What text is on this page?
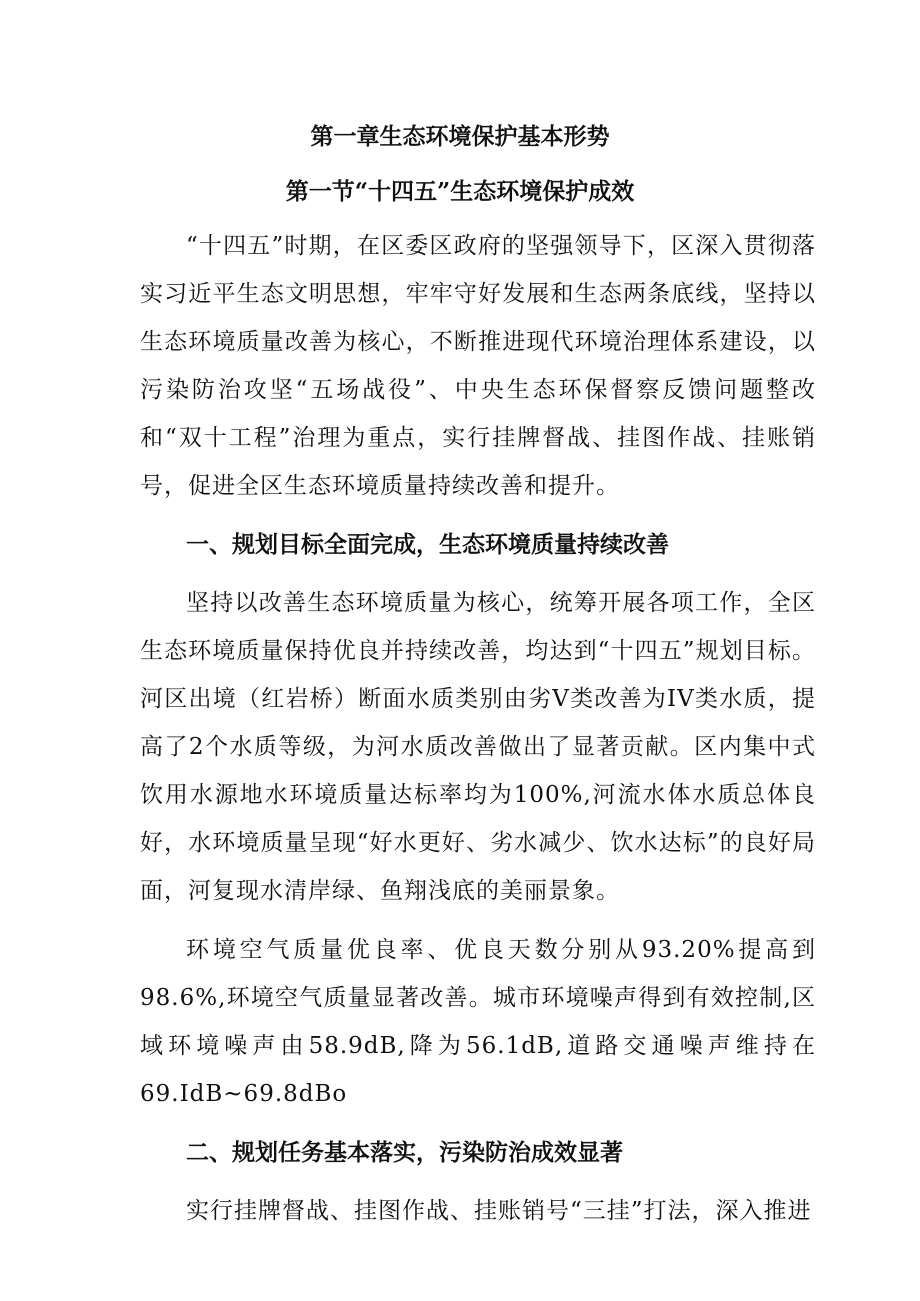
第一章生态环境保护基本形势
第一节“十四五”生态环境保护成效

“十四五”时期，在区委区政府的坚强领导下，区深入贯彻落实习近平生态文明思想，牢牢守好发展和生态两条底线，坚持以生态环境质量改善为核心，不断推进现代环境治理体系建设，以污染防治攻坚“五场战役”、中央生态环保督察反馈问题整改和“双十工程”治理为重点，实行挂牌督战、挂图作战、挂账销号，促进全区生态环境质量持续改善和提升。

一、规划目标全面完成，生态环境质量持续改善

坚持以改善生态环境质量为核心，统筹开展各项工作，全区生态环境质量保持优良并持续改善，均达到“十四五”规划目标。河区出境（红岩桥）断面水质类别由劣V类改善为IV类水质，提高了2个水质等级，为河水质改善做出了显著贡献。区内集中式饮用水源地水环境质量达标率均为100%,河流水体水质总体良好，水环境质量呈现“好水更好、劣水减少、饮水达标”的良好局面，河复现水清岸绿、鱼翔浅底的美丽景象。

环境空气质量优良率、优良天数分别从93.20%提高到98.6%,环境空气质量显著改善。城市环境噪声得到有效控制,区域环境噪声由58.9dB,降为56.1dB,道路交通噪声维持在69.IdB~69.8dBo

二、规划任务基本落实，污染防治成效显著

实行挂牌督战、挂图作战、挂账销号“三挂”打法，深入推进
